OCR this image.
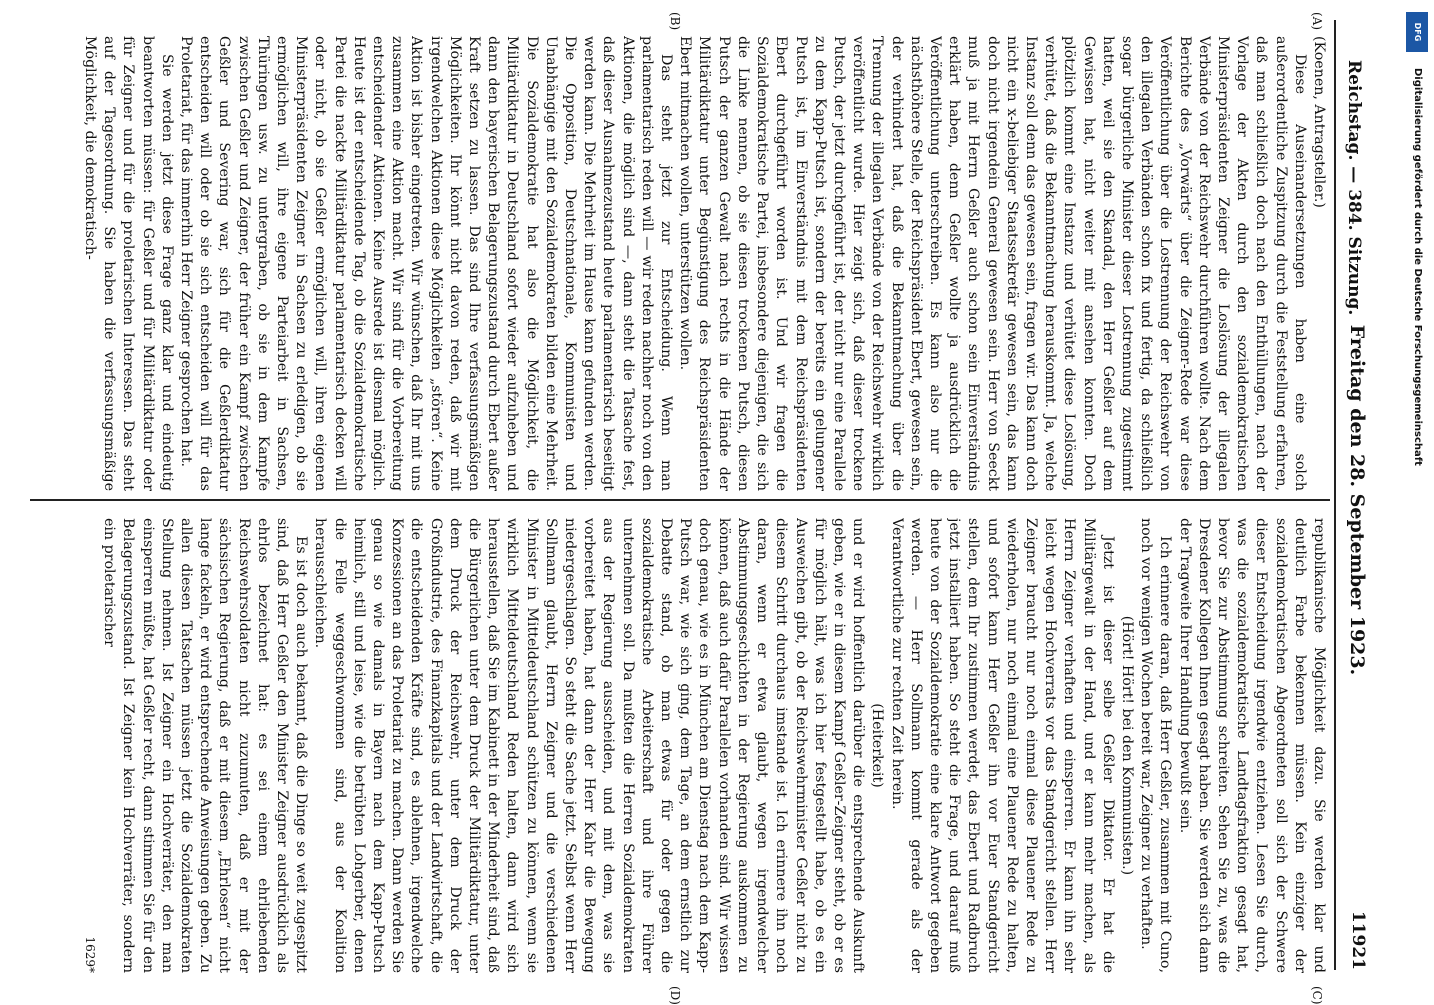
Reichstag. — 384. Sitzung.
Freitag den 28. September 1923.
11921
(A)
(B)
(C)
(D)

(Koenen, Antragsteller.)

Diese Auseinandersetzungen haben eine solch außerordentliche Zuspitzung durch die Feststellung erfahren, daß man schließlich doch nach den Enthüllungen, nach der Vorlage der Akten durch den sozialdemokratischen Ministerpräsidenten Zeigner die Loslösung der illegalen Verbände von der Reichswehr durchführen wollte. Nach dem Berichte des „Vorwärts“ über die Zeigner-Rede war diese Veröffentlichung über die Lostrennung der Reichswehr von den illegalen Verbänden schon fix und fertig, da schließlich sogar bürgerliche Minister dieser Lostrennung zugestimmt hatten, weil sie den Skandal, den Herr Geßler auf dem Gewissen hat, nicht weiter mit ansehen konnten. Doch plötzlich kommt eine Instanz und verhütet diese Loslösung, verhütet, daß die Bekanntmachung herauskommt. Ja, welche Instanz soll denn das gewesen sein, fragen wir. Das kann doch nicht ein x-beliebiger Staatssekretär gewesen sein, das kann doch nicht irgendein General gewesen sein. Herr von Seeckt muß ja mit Herrn Geßler auch schon sein Einverständnis erklärt haben, denn Geßler wollte ja ausdrücklich die Veröffentlichung unterschreiben. Es kann also nur die nächsthöhere Stelle, der Reichspräsident Ebert, gewesen sein, der verhindert hat, daß die Bekanntmachung über die Trennung der illegalen Verbände von der Reichswehr wirklich veröffentlicht wurde. Hier zeigt sich, daß dieser trockene Putsch, der jetzt durchgeführt ist, der nicht nur eine Parallele zu dem Kapp-Putsch ist, sondern der bereits ein gelungener Putsch ist, im Einverständnis mit dem Reichspräsidenten Ebert durchgeführt worden ist. Und wir fragen die Sozialdemokratische Partei, insbesondere diejenigen, die sich die Linke nennen, ob sie diesen trockenen Putsch, diesen Putsch der ganzen Gewalt nach rechts in die Hände der Militärdiktatur unter Begünstigung des Reichspräsidenten Ebert mitmachen wollen, unterstützen wollen.

Das steht jetzt zur Entscheidung. Wenn man parlamentarisch reden will — wir reden nachher noch von den Aktionen, die möglich sind —, dann steht die Tatsache fest, daß dieser Ausnahmezustand heute parlamentarisch beseitigt werden kann. Die Mehrheit im Hause kann gefunden werden. Die Opposition, Deutschnationale, Kommunisten und Unabhängige mit den Sozialdemokraten bilden eine Mehrheit. Die Sozialdemokratie hat also die Möglichkeit, die Militärdiktatur in Deutschland sofort wieder aufzuheben und dann den bayerischen Belagerungszustand durch Ebert außer Kraft setzen zu lassen. Das sind Ihre verfassungsmäßigen Möglichkeiten. Ihr könnt nicht davon reden, daß wir mit irgendwelchen Aktionen diese Möglichkeiten „stören“. Keine Aktion ist bisher eingetreten. Wir wünschen, daß Ihr mit uns zusammen eine Aktion macht. Wir sind für die Vorbereitung entscheidender Aktionen. Keine Ausrede ist diesmal möglich. Heute ist der entscheidende Tag, ob die Sozialdemokratische Partei die nackte Militärdiktatur parlamentarisch decken will oder nicht, ob sie Geßler ermöglichen will, ihren eigenen Ministerpräsidenten Zeigner in Sachsen zu erledigen, ob sie ermöglichen will, ihre eigene Parteiarbeit in Sachsen, Thüringen usw. zu untergraben, ob sie in dem Kampfe zwischen Geßler und Zeigner, der früher ein Kampf zwischen Geßler und Severing war, sich für die Geßlerdiktatur entscheiden will oder ob sie sich entscheiden will für das Proletariat, für das immerhin Herr Zeigner gesprochen hat.

Sie werden jetzt diese Frage ganz klar und eindeutig beantworten müssen: für Geßler und für Militärdiktatur oder für Zeigner und für die proletarischen Interessen. Das steht auf der Tagesordnung. Sie haben die verfassungsmäßige Möglichkeit, die demokratisch-

republikanische Möglichkeit dazu. Sie werden klar und deutlich Farbe bekennen müssen. Kein einziger der sozialdemokratischen Abgeordneten soll sich der Schwere dieser Entscheidung irgendwie entziehen. Lesen Sie durch, was die sozialdemokratische Landtagsfraktion gesagt hat, bevor Sie zur Abstimmung schreiten. Sehen Sie zu, was die Dresdener Kollegen Ihnen gesagt haben. Sie werden sich dann der Tragweite Ihrer Handlung bewußt sein.

Ich erinnere daran, daß Herr Geßler, zusammen mit Cuno, noch vor wenigen Wochen bereit war, Zeigner zu verhaften.

(Hört! Hört! bei den Kommunisten.)

Jetzt ist dieser selbe Geßler Diktator. Er hat die Militärgewalt in der Hand, und er kann mehr machen, als Herrn Zeigner verhaften und einsperren. Er kann ihn sehr leicht wegen Hochverrats vor das Standgericht stellen. Herr Zeigner braucht nur noch einmal diese Plauener Rede zu wiederholen, nur noch einmal eine Plauener Rede zu halten, und sofort kann Herr Geßler ihn vor Euer Standgericht stellen, dem Ihr zustimmen werdet, das Ebert und Radbruch jetzt installiert haben. So steht die Frage, und darauf muß heute von der Sozialdemokratie eine klare Antwort gegeben werden. — Herr Sollmann kommt gerade als der Verantwortliche zur rechten Zeit herein.

(Heiterkeit)

und er wird hoffentlich darüber die entsprechende Auskunft geben, wie er in diesem Kampf Geßler-Zeigner steht, ob er es für möglich hält, was ich hier festgestellt habe, ob es ein Ausweichen gibt, ob der Reichswehrminister Geßler nicht zu diesem Schritt durchaus imstande ist. Ich erinnere ihn noch daran, wenn er etwa glaubt, wegen irgendwelcher Abstimmungsgeschichten in der Regierung auskommen zu können, daß auch dafür Parallelen vorhanden sind. Wir wissen doch genau, wie es in München am Dienstag nach dem Kapp-Putsch war, wie sich ging, dem Tage, an dem ernstlich zur Debatte stand, ob man etwas für oder gegen die sozialdemokratische Arbeiterschaft und ihre Führer unternehmen soll. Da mußten die Herren Sozialdemokraten aus der Regierung ausscheiden, und mit dem, was sie vorbereitet haben, hat dann der Herr Kahr die Bewegung niedergeschlagen. So steht die Sache jetzt. Selbst wenn Herr Sollmann glaubt, Herrn Zeigner und die verschiedenen Minister in Mitteldeutschland schützen zu können, wenn sie wirklich Mitteldeutschland Reden halten, dann wird sich herausstellen, daß Sie im Kabinett in der Minderheit sind, daß die Bürgerlichen unter dem Druck der Militärdiktatur, unter dem Druck der Reichswehr, unter dem Druck der Großindustrie, des Finanzkapitals und der Landwirtschaft, die die entscheidenden Kräfte sind, es ablehnen, irgendwelche Konzessionen an das Proletariat zu machen. Dann werden Sie genau so wie damals in Bayern nach dem Kapp-Putsch heimlich, still und leise, wie die betrübten Lohgerber, denen die Felle weggeschwommen sind, aus der Koalition herausschleichen.

Es ist doch auch bekannt, daß die Dinge so weit zugespitzt sind, daß Herr Geßler den Minister Zeigner ausdrücklich als ehrlos bezeichnet hat: es sei einem ehrliebenden Reichswehrsoldaten nicht zuzumuten, daß er mit der sächsischen Regierung, daß er mit diesem „Ehrlosen“ nicht lange fackeln, er wird entsprechende Anweisungen geben. Zu allen diesen Tatsachen müssen jetzt die Sozialdemokraten Stellung nehmen. Ist Zeigner ein Hochverräter, den man einsperren müßte, hat Geßler recht, dann stimmen Sie für den Belagerungszustand. Ist Zeigner kein Hochverräter, sondern ein proletarischer

1629*
DFG
Digitalisierung gefördert durch die Deutsche Forschungsgemeinschaft
